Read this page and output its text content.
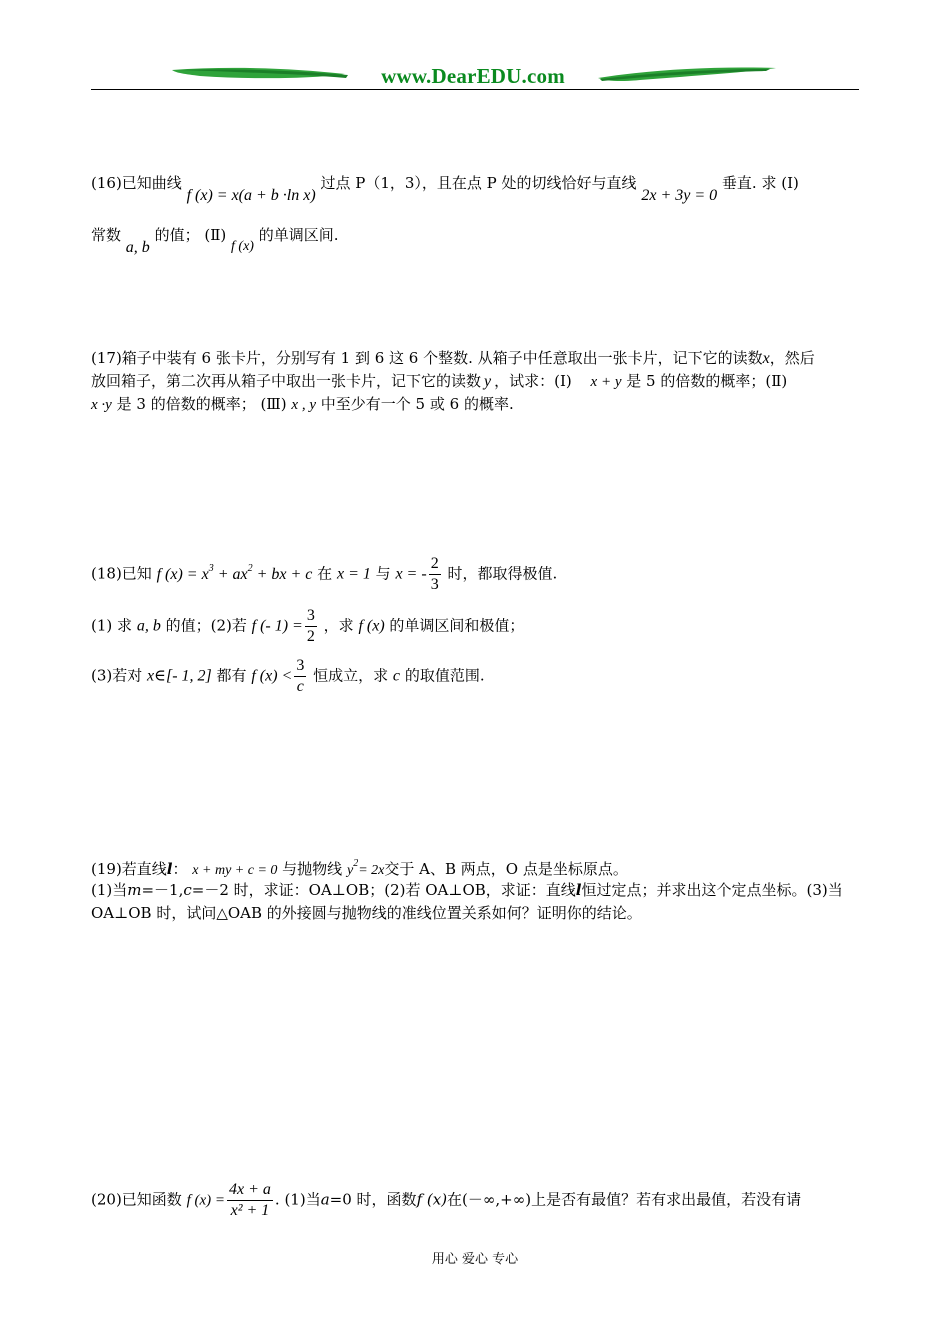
www.DearEDU.com
(16)已知曲线 f (x) = x(a + b ·ln x) 过点 P（1，3），且在点 P 处的切线恰好与直线 2x + 3y = 0 垂直. 求 (I)
常数 a, b 的值； (Ⅱ) f (x) 的单调区间.
(17)箱子中装有 6 张卡片，分别写有 1 到 6 这 6 个整数. 从箱子中任意取出一张卡片，记下它的读数x，然后
放回箱子，第二次再从箱子中取出一张卡片，记下它的读数 y ，试求：(I) x + y 是 5 的倍数的概率；(Ⅱ)
x ·y 是 3 的倍数的概率； (Ⅲ) x , y 中至少有一个 5 或 6 的概率.
(18)已知 f $(x) = x^3 + ax^2$ + bx + c 在 x = 1 与 x = - $\frac{2}{3}$ 时，都取得极值.
(1) 求 a, b 的值；(2)若 f (- $1) = \frac{3}{2}$ ，求 f (x) 的单调区间和极值；
(3)若对 x∈[- 1, 2] 都有 f $(x) < \frac{3}{c}$ 恒成立，求 c 的取值范围.
(19)若直线l： x + my + c = 0 与抛物线 $y^2= 2x$交于 A、B 两点，O 点是坐标原点。
(1)当m=－1,c=－2 时，求证：OA⊥OB；(2)若 OA⊥OB，求证：直线l恒过定点；并求出这个定点坐标。(3)当
OA⊥OB 时，试问△OAB 的外接圆与抛物线的准线位置关系如何？证明你的结论。
(20)已知函数 f $(x) = \frac{4x + a}{\text{x² + 1}}$ . (1)当a=0 时，函数f (x)在(－∞,+∞)上是否有最值？若有求出最值，若没有请
用心 爱心 专心
